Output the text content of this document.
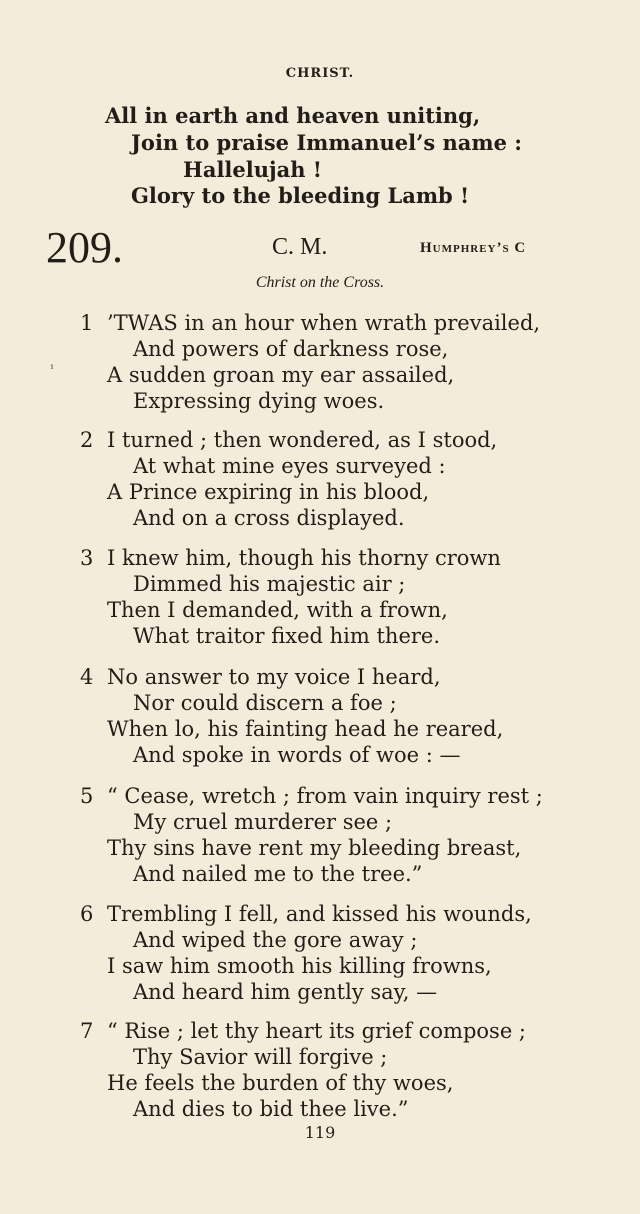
CHRIST.
All in earth and heaven uniting,
Join to praise Immanuel’s name :
Hallelujah !
Glory to the bleeding Lamb !
209.	C. M.	Humphrey’s C
Christ on the Cross.
¹
1 ’TWAS in an hour when wrath prevailed,
And powers of darkness rose,
A sudden groan my ear assailed,
Expressing dying woes.
2 I turned ; then wondered, as I stood,
At what mine eyes surveyed :
A Prince expiring in his blood,
And on a cross displayed.
3 I knew him, though his thorny crown
Dimmed his majestic air ;
Then I demanded, with a frown,
What traitor fixed him there.
4 No answer to my voice I heard,
Nor could discern a foe ;
When lo, his fainting head he reared,
And spoke in words of woe : —
5 “ Cease, wretch ; from vain inquiry rest ;
My cruel murderer see ;
Thy sins have rent my bleeding breast,
And nailed me to the tree.”
6 Trembling I fell, and kissed his wounds,
And wiped the gore away ;
I saw him smooth his killing frowns,
And heard him gently say, —
7 “ Rise ; let thy heart its grief compose ;
Thy Savior will forgive ;
He feels the burden of thy woes,
And dies to bid thee live.”
119
